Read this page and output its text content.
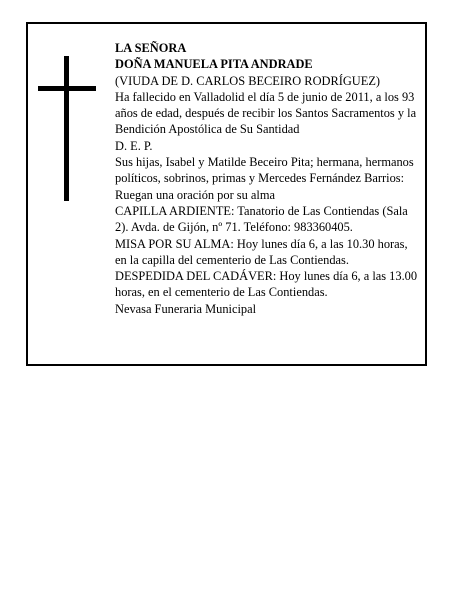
LA SEÑORA

DOÑA MANUELA PITA ANDRADE

(VIUDA DE D. CARLOS BECEIRO RODRÍGUEZ)

Ha fallecido en Valladolid el día 5 de junio de 2011, a los 93 años de edad, después de recibir los Santos Sacramentos y la Bendición Apostólica de Su Santidad

D. E. P.

Sus hijas, Isabel y Matilde Beceiro Pita; hermana, hermanos políticos, sobrinos, primas y Mercedes Fernández Barrios:

Ruegan una oración por su alma

CAPILLA ARDIENTE: Tanatorio de Las Contiendas (Sala 2). Avda. de Gijón, nº 71. Teléfono: 983360405.

MISA POR SU ALMA: Hoy lunes día 6, a las 10.30 horas, en la capilla del cementerio de Las Contiendas.

DESPEDIDA DEL CADÁVER: Hoy lunes día 6, a las 13.00 horas, en el cementerio de Las Contiendas.

Nevasa Funeraria Municipal
